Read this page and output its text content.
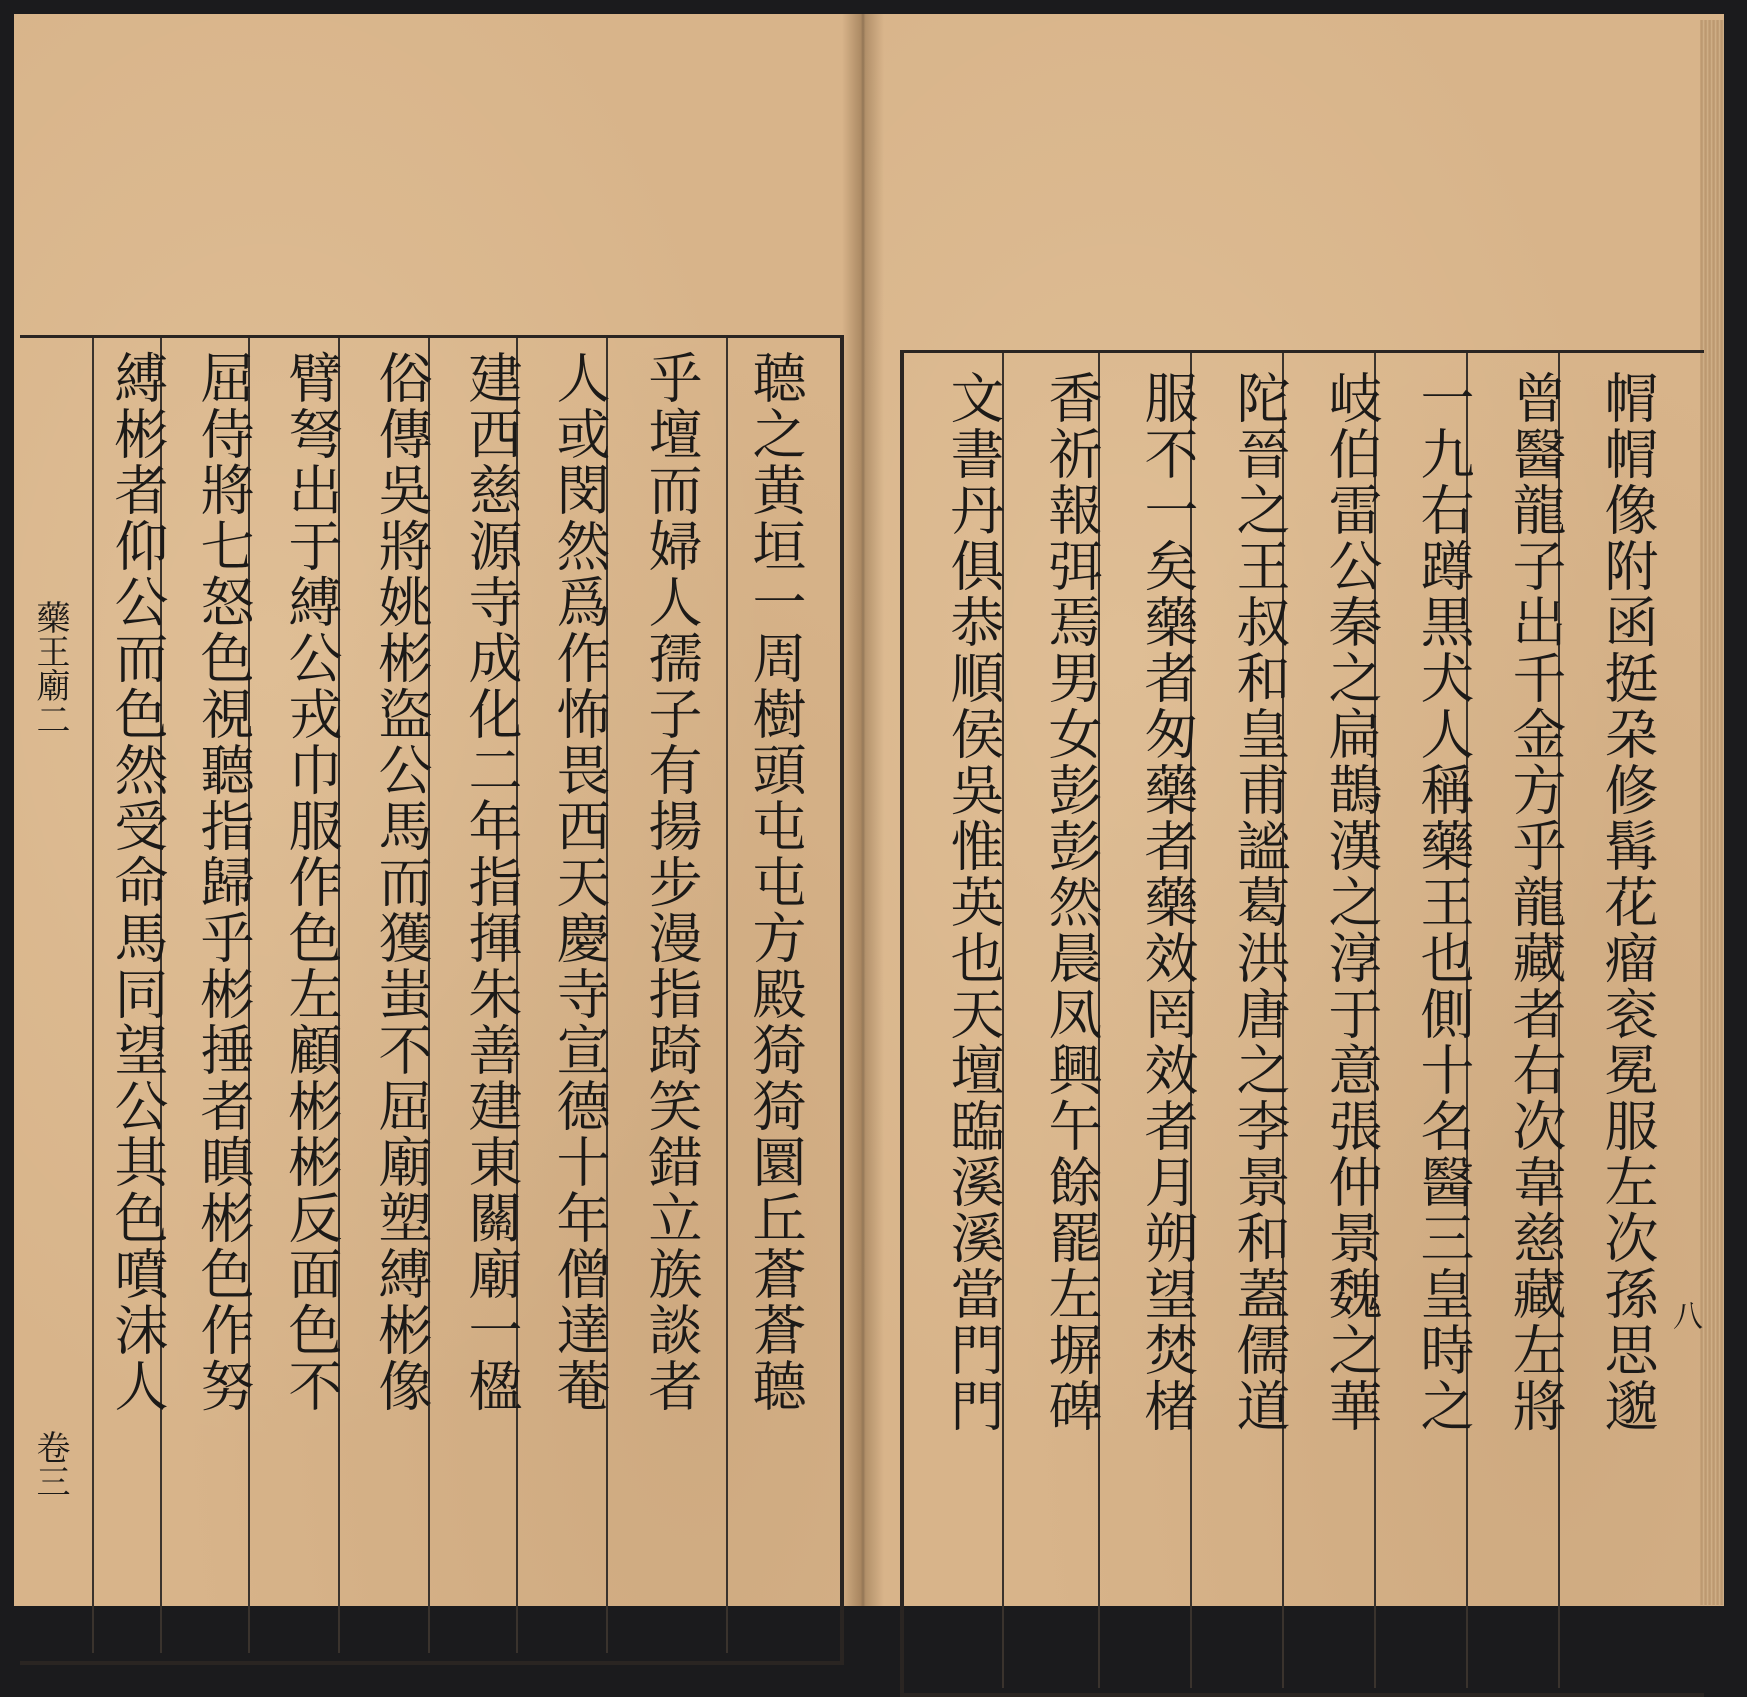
藥王廟二
卷三
聼之黄垣一周樹頭屯屯方殿猗猗圜丘蒼蒼聼
乎壇而婦人孺子有揚步漫指踦笑錯立族談者
人或閔然爲作怖畏西天慶寺宣德十年僧達菴
建西慈源寺成化二年指揮朱善建東關廟一楹
俗傳吳將姚彬盜公馬而獲蚩不屈廟塑縛彬像
臂弩出于縛公戎巾服作色左顧彬彬反面色不
屈侍將七怒色視聽指歸乎彬捶者瞋彬色作努
縛彬者仰公而色然受命馬同望公其色噴沫人	㡌㡌像附函挺朶修髯花瘤衮冕服左次孫思邈
曾醫龍子出千金方乎龍藏者右次韋慈藏左將
一九右蹲黒犬人稱藥王也側十名醫三皇時之
岐伯雷公秦之扁鵲漢之淳于意張仲景魏之華
陀晉之王叔和皇甫謐葛洪唐之李景和蓋儒道
服不一矣藥者匆藥者藥效罔效者月朔望焚楮
香祈報弭焉男女彭彭然晨凤興午餘罷左塀碑
文書丹俱恭順侯吳惟英也天壇臨溪溪當門門	八
